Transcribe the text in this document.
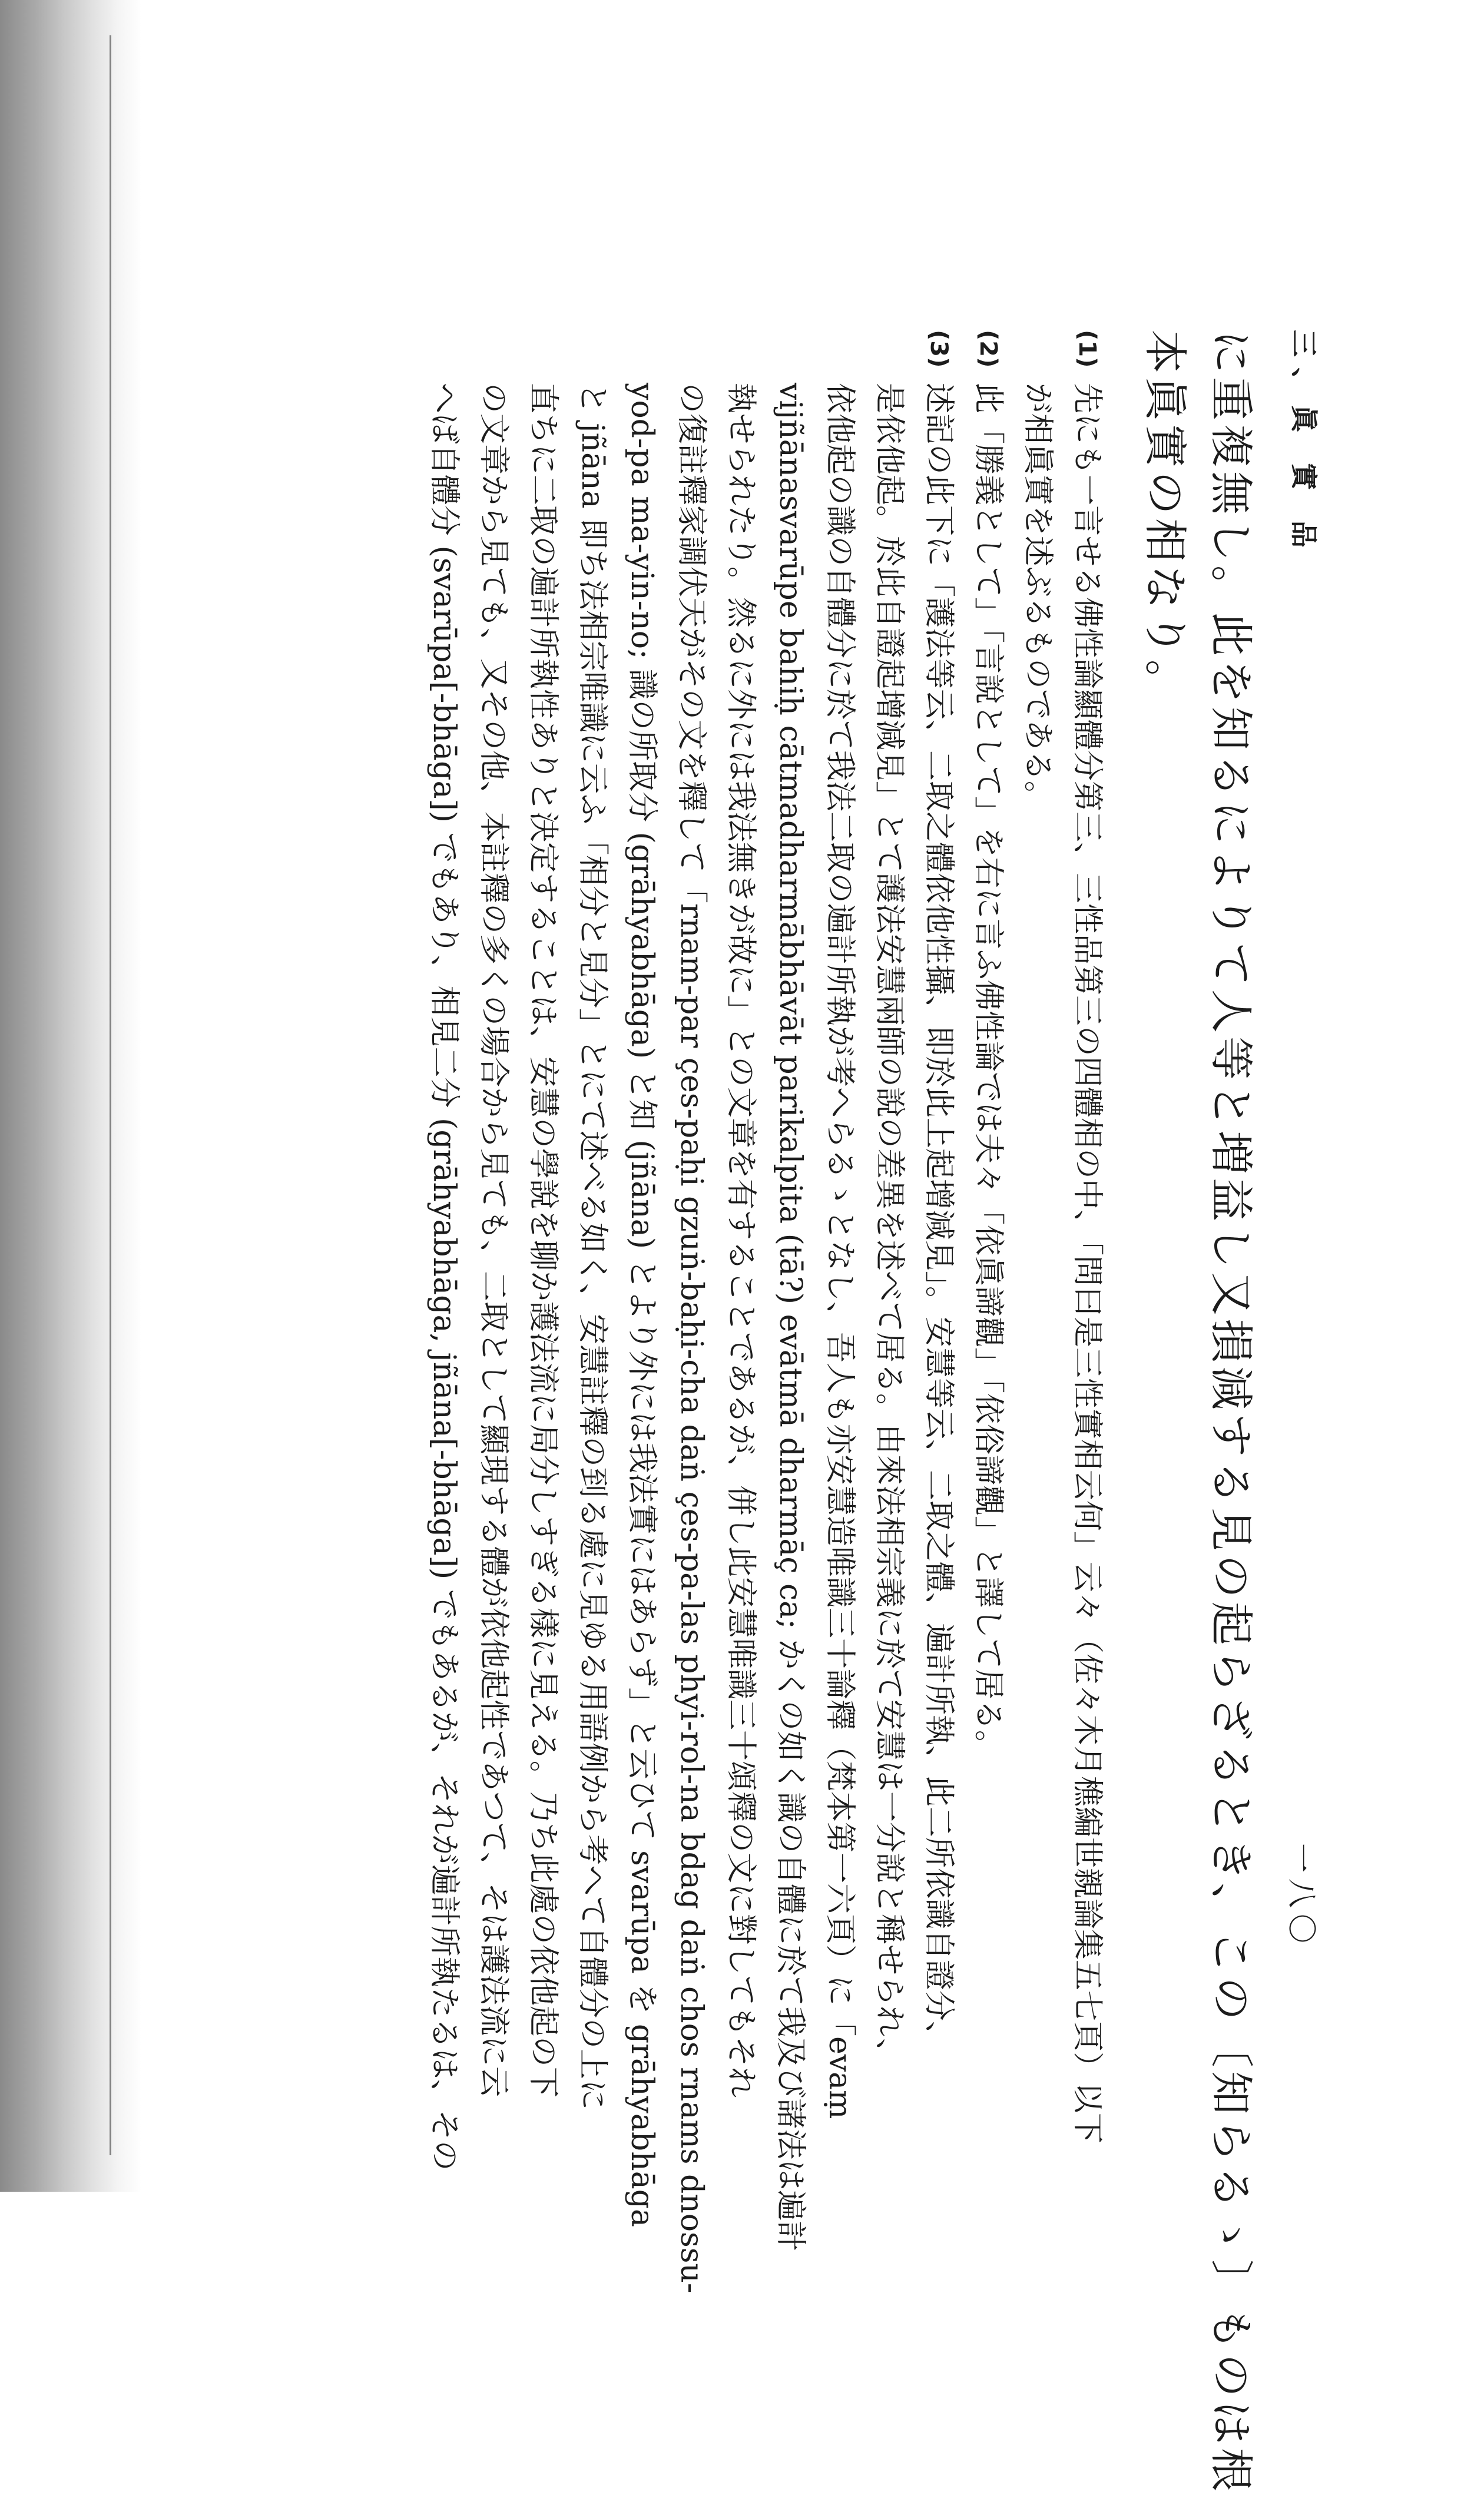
三、眞 實 品
一八〇

に重複無し。此を知るによりて人等と増益し又損減する見の起らざるとき、この〔知らるゝ〕ものは根

本眞實の相なり。

(1)
先にも一言せる佛性論顯體分第三、三性品第三の四體相の中、「問曰是三性實相云何」云々（佐々木月樵編世親論集五七頁）以下

が相眞實を述ぶるものである。

(2)
此「勝義として」「言說として」を右に言ふ佛性論では夫々「依眞諦觀」「依俗諦觀」と譯して居る。

(3)
述記の此下に「護法等云、二取之體依他性攝、即於此上起增減見」。安慧等云、二取之體、遍計所執、此二所依識自證分、

是依他起。於此自證起增減見」とて護法安慧兩師の說の差異を述べて居る。由來法相宗義に於て安慧は一分說と稱せられ、

依他起の識の自體分に於て我法二取の遍計所執が考へらるゝとなし、吾人も亦安慧造唯識三十論釋（梵本第一六頁）に「evaṃ

vijñānasvarūpe bahiḥ cātmadharmābhāvāt parikalpita (tā?) evātmā dharmāç ca; かくの如く識の自體に於て我及び諸法は遍計

執せられたり。然るに外には我法無きが故に」との文章を有することであるが、併し此安慧唯識三十頌釋の文に對してもそれ

の復註釋家調伏天がその文を釋して「rnam-par çes-paḥi gzuṅ-baḥi-cha daṅ çes-pa-las phyi-rol-na bdag daṅ chos rnams dnossu-

yod-pa ma-yin-no; 識の所取分 (grāhyabhāga) と知 (jñāna) とより外には我法實にはあらず」と云ひて svarūpa を grāhyabhāga

と jñāna 即ち法相宗唯識に云ふ「相分と見分」とにて述べる如く、安慧註釋の到る處に見ゆる用語例から考へて自體分の上に

直ちに二取の遍計所執性ありと決定することは、安慧の學說を聊か護法流に局分しすぎる樣に見える。乃ち此處の依他起の下

の文章から見ても、又その他、本註釋の多くの場合から見ても、二取として顯現する體が依他起性であつて、そは護法流に云

へば自體分 (svarūpa[-bhāga]) でもあり、相見二分 (grāhyabhāga, jñāna[-bhāga]) でもあるが、それが遍計所執たるは、その
